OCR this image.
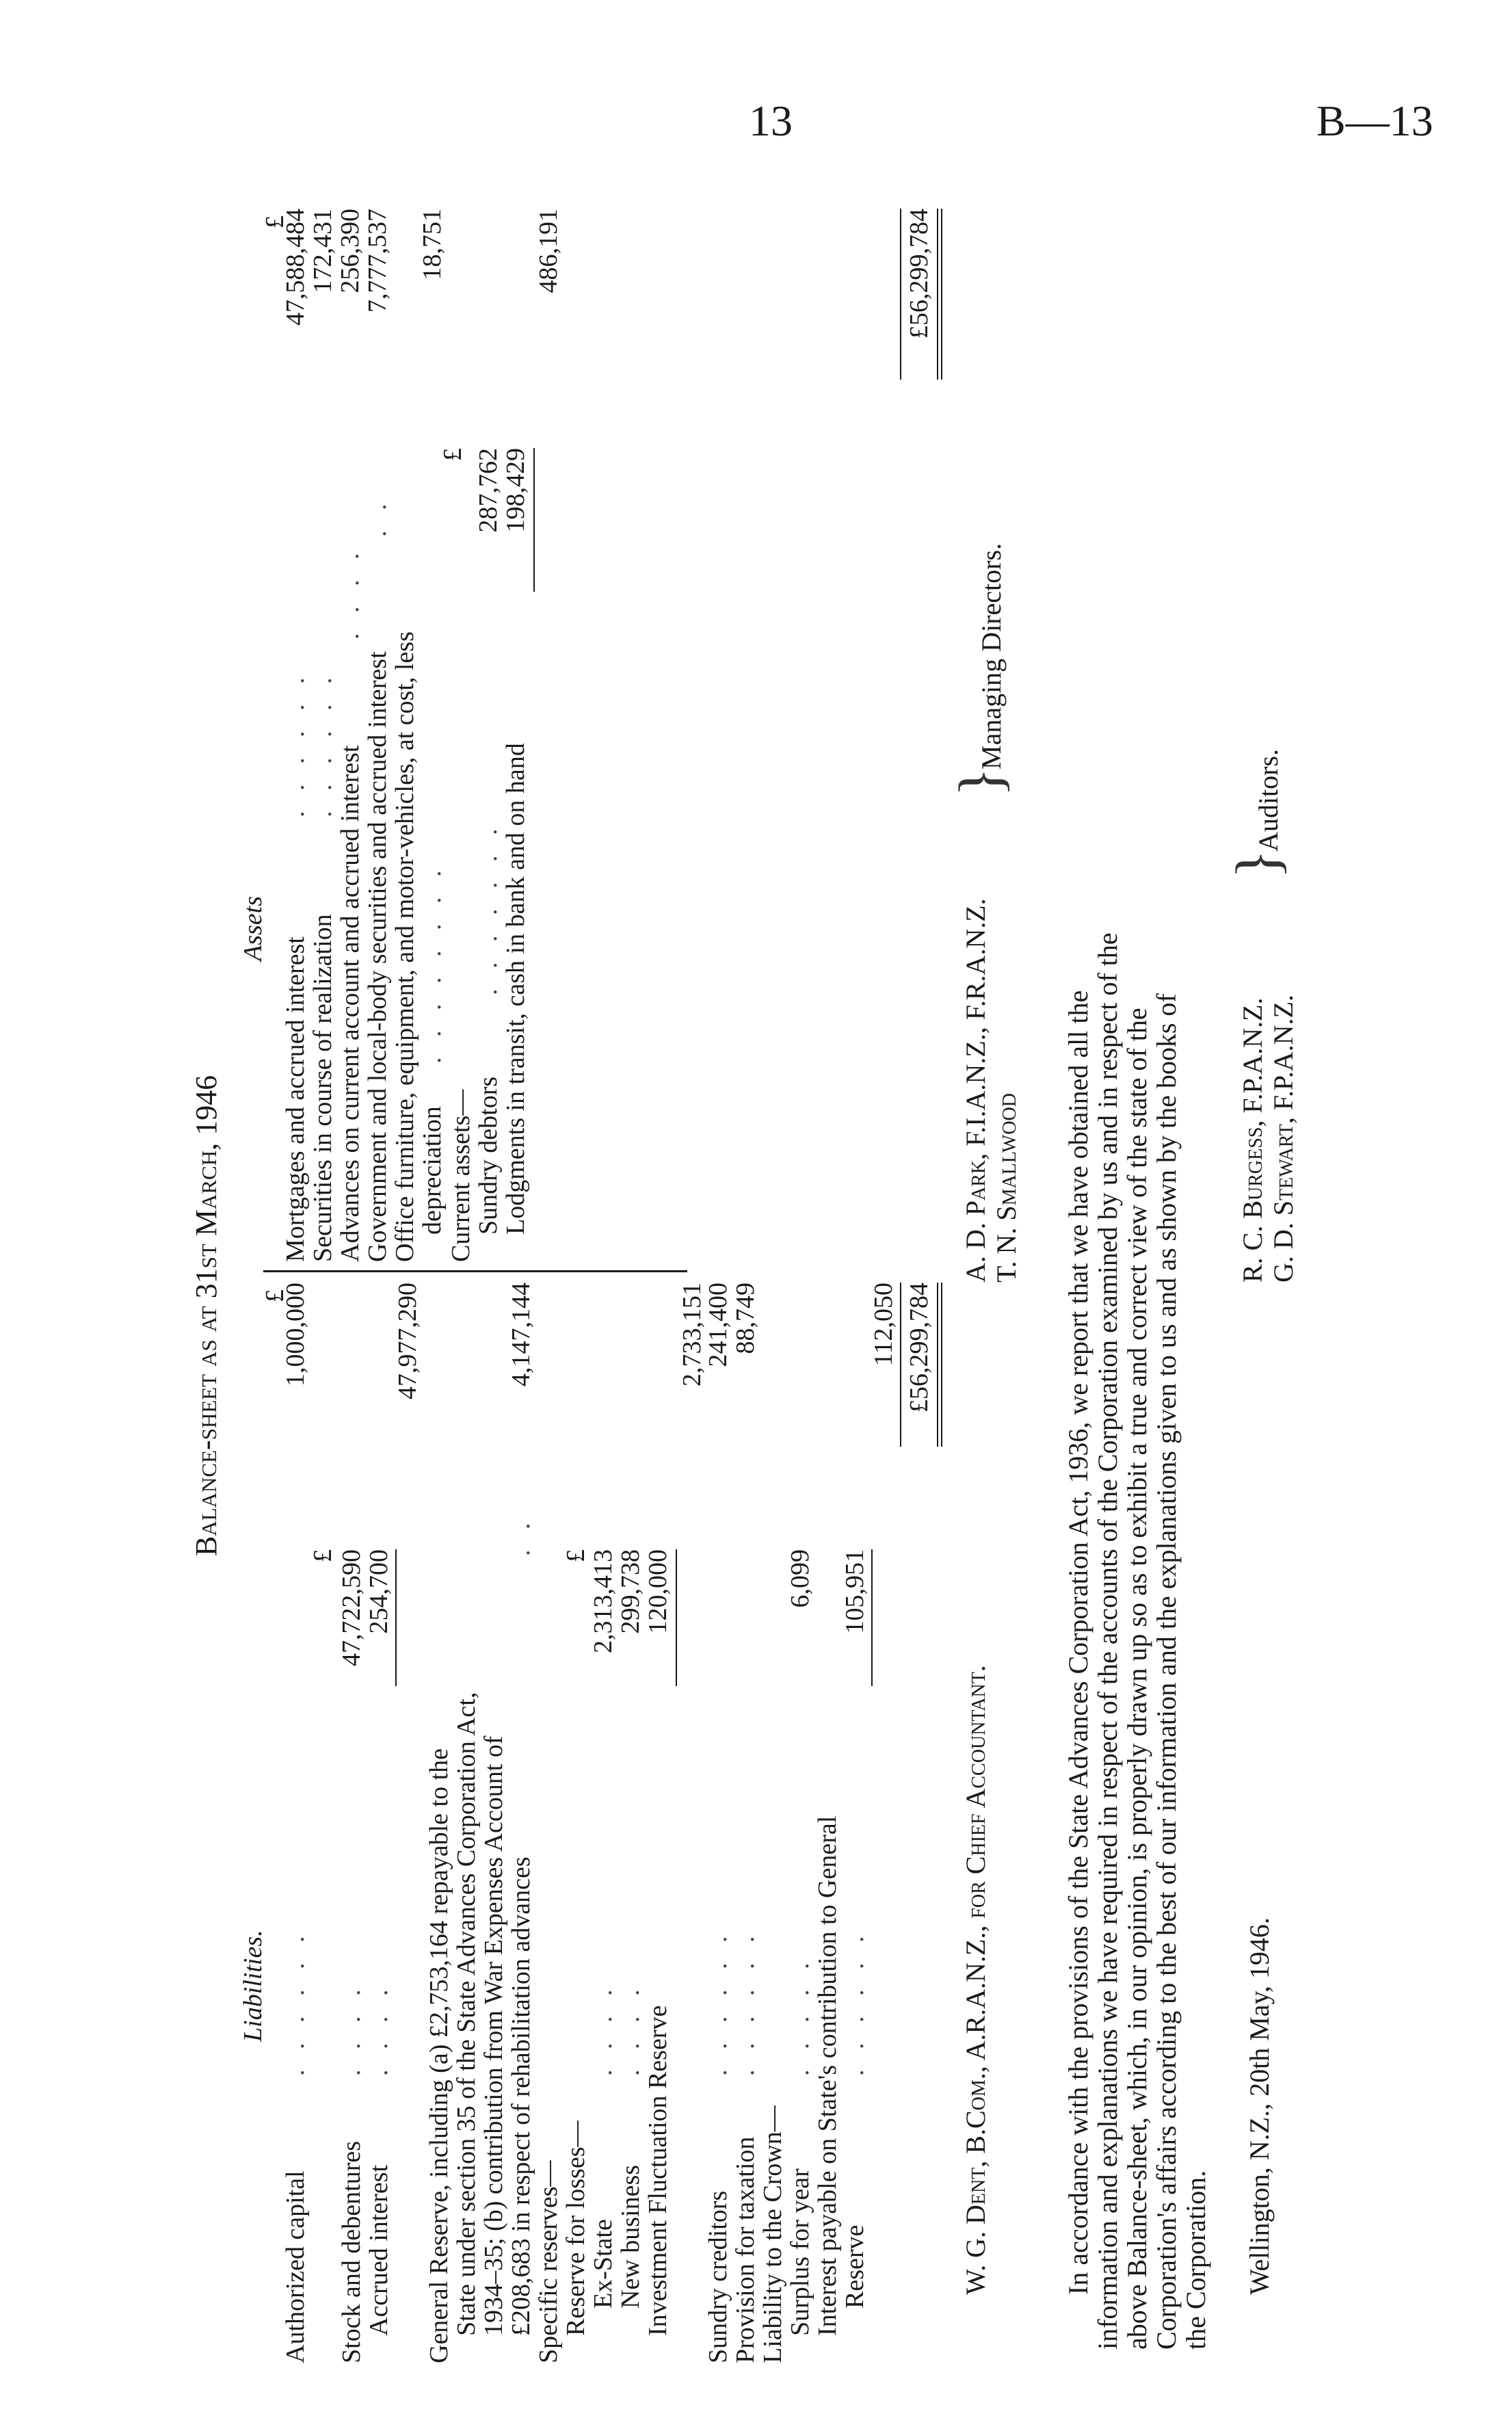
13	B—13
Balance-sheet as at 31st March, 1946
Liabilities.
Assets
£
Authorized capital
. . . . . .
1,000,000
£
Stock and debentures
. . . .
47,722,590
Accrued interest
. . . .
254,700
47,977,290
General Reserve, including (a) £2,753,164 repayable to the
State under section 35 of the State Advances Corporation Act,
1934–35; (b) contribution from War Expenses Account of
£208,683 in respect of rehabilitation advances
. .
4,147,144
Specific reserves—
£
Reserve for losses—
Ex-State
. . . .
2,313,413
New business
. . . .
299,738
Investment Fluctuation Reserve
120,000
2,733,151
Sundry creditors
. . . . . .
241,400
Provision for taxation
. . . . . .
88,749
Liability to the Crown—
Surplus for year
. . . . .
6,099
Interest payable on State's contribution to General
Reserve
. . . . . .
105,951
112,050 £56,299,784
£
Mortgages and accrued interest
. . . . . .
47,588,484
Securities in course of realization
. . . . . .
172,431
Advances on current account and accrued interest
. . . .
256,390
Government and local-body securities and accrued interest
. .
7,777,537
Office furniture, equipment, and motor-vehicles, at cost, less
depreciation
. . . . . . . .
18,751
£
Current assets—
Sundry debtors
. . . . . . .
287,762
Lodgments in transit, cash in bank and on hand
198,429
486,191	£56,299,784
W. G. Dent, B.Com., A.R.A.N.Z., for Chief Accountant.
A. D. Park, F.I.A.N.Z., F.R.A.N.Z. T. N. Smallwood
}
Managing Directors.
In accordance with the provisions of the State Advances Corporation Act, 1936, we report that we have obtained all the
information and explanations we have required in respect of the accounts of the Corporation examined by us and in respect of the
above Balance-sheet, which, in our opinion, is properly drawn up so as to exhibit a true and correct view of the state of the
Corporation's affairs according to the best of our information and the explanations given to us and as shown by the books of
the Corporation. Wellington, N.Z., 20th May, 1946.
R. C. Burgess, F.P.A.N.Z. G. D. Stewart, F.P.A.N.Z.
}
Auditors.
